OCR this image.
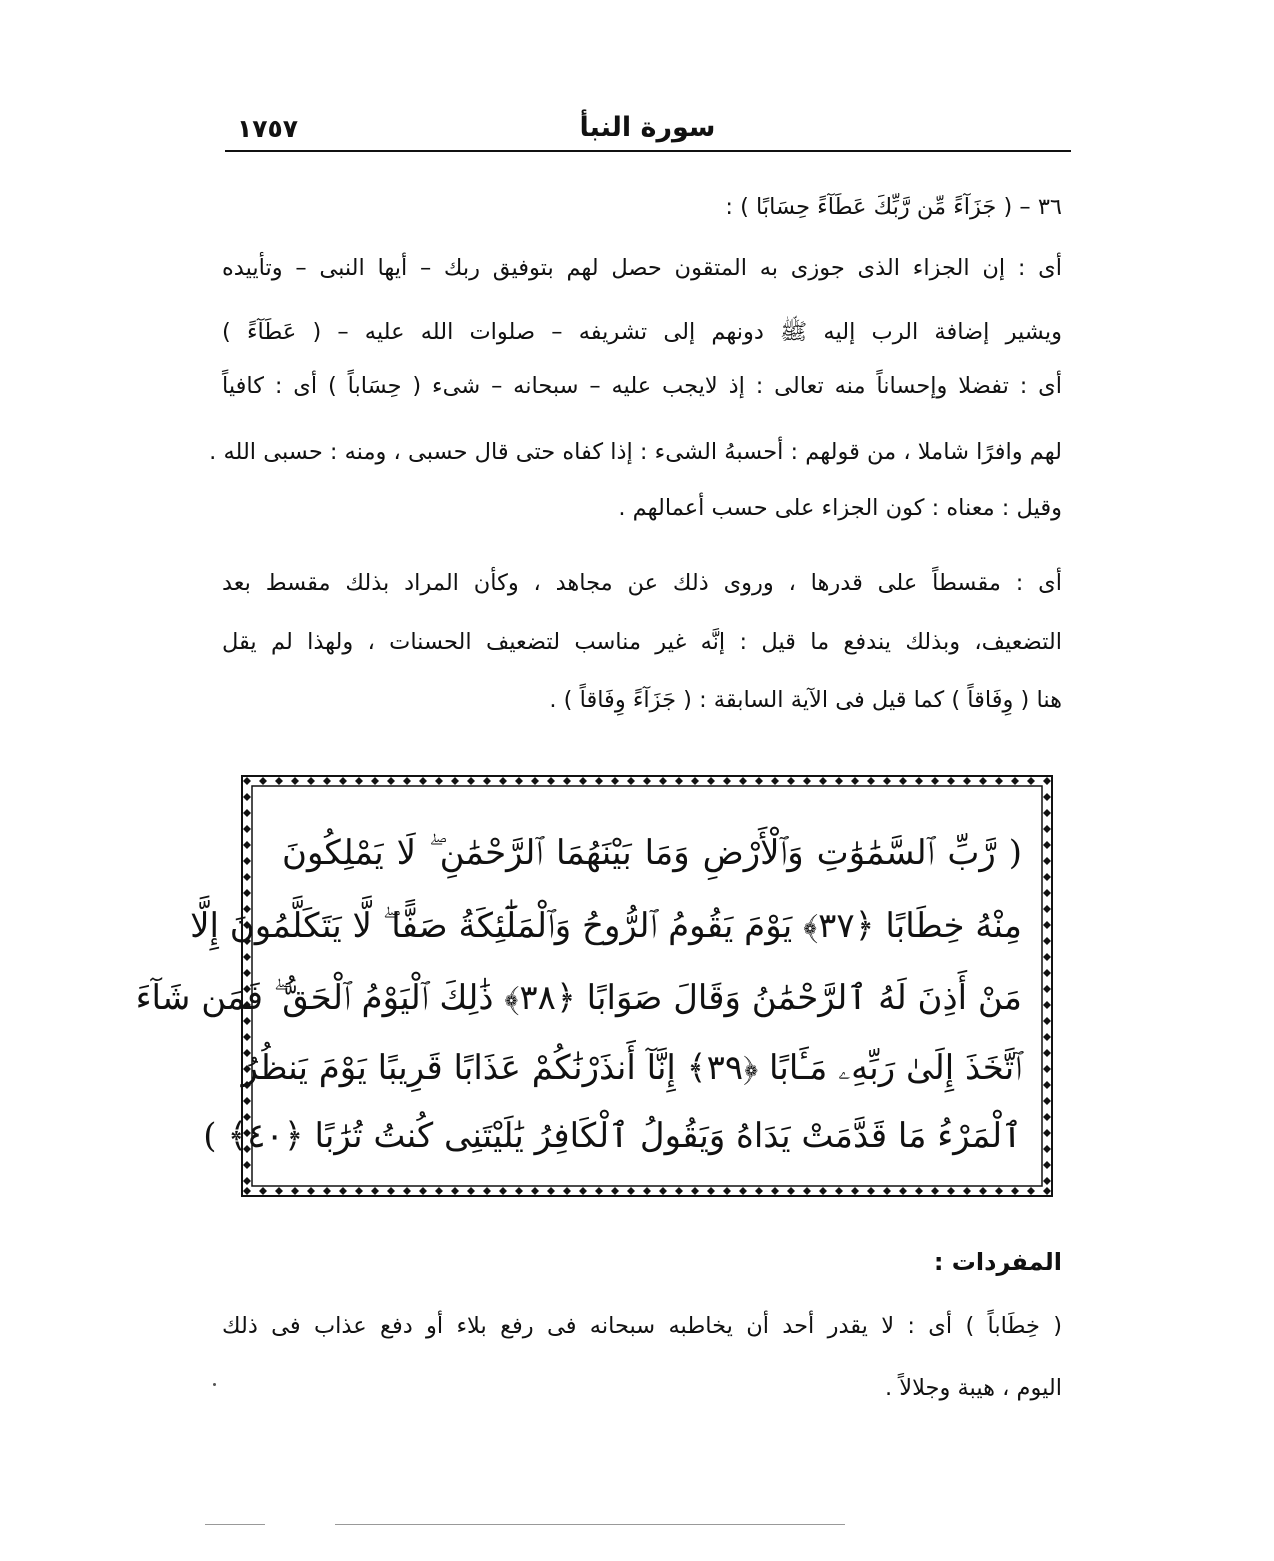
سورة النبأ
١٧٥٧
٣٦ – ( جَزَآءً مِّن رَّبِّكَ عَطَآءً حِسَابًا ) :
أى : إن الجزاء الذى جوزى به المتقون حصل لهم بتوفيق ربك – أيها النبى – وتأييده
ويشير إضافة الرب إليه ﷺ دونهم إلى تشريفه – صلوات الله عليه – ( عَطَآءً )
أى : تفضلا وإحساناً منه تعالى : إذ لايجب عليه – سبحانه – شىء ( حِسَاباً ) أى : كافياً
لهم وافرًا شاملا ، من قولهم : أحسبهُ الشىء : إذا كفاه حتى قال حسبى ، ومنه : حسبى الله .
وقيل : معناه : كون الجزاء على حسب أعمالهم .
أى : مقسطاً على قدرها ، وروى ذلك عن مجاهد ، وكأن المراد بذلك مقسط بعد
التضعيف، وبذلك يندفع ما قيل : إنَّه غير مناسب لتضعيف الحسنات ، ولهذا لم يقل
هنا ( وِفَاقاً ) كما قيل فى الآية السابقة : ( جَزَآءً وِفَاقاً ) .
( رَّبِّ ٱلسَّمَٰوَٰتِ وَٱلْأَرْضِ وَمَا بَيْنَهُمَا ٱلرَّحْمَٰنِ ۖ لَا يَمْلِكُونَ
مِنْهُ خِطَابًا ﴿٣٧﴾ يَوْمَ يَقُومُ ٱلرُّوحُ وَٱلْمَلَٰٓئِكَةُ صَفًّا ۖ لَّا يَتَكَلَّمُونَ إِلَّا
مَنْ أَذِنَ لَهُ ٱلرَّحْمَٰنُ وَقَالَ صَوَابًا ﴿٣٨﴾ ذَٰلِكَ ٱلْيَوْمُ ٱلْحَقُّ ۖ فَمَن شَآءَ
ٱتَّخَذَ إِلَىٰ رَبِّهِۦ مَـَٔابًا ﴿٣٩﴾ إِنَّآ أَنذَرْنَٰكُمْ عَذَابًا قَرِيبًا يَوْمَ يَنظُرُ
ٱلْمَرْءُ مَا قَدَّمَتْ يَدَاهُ وَيَقُولُ ٱلْكَافِرُ يَٰلَيْتَنِى كُنتُ تُرَٰبًا ﴿٤٠﴾ )
المفردات :
( خِطَاباً ) أى : لا يقدر أحد أن يخاطبه سبحانه فى رفع بلاء أو دفع عذاب فى ذلك
اليوم ، هيبة وجلالاً .
